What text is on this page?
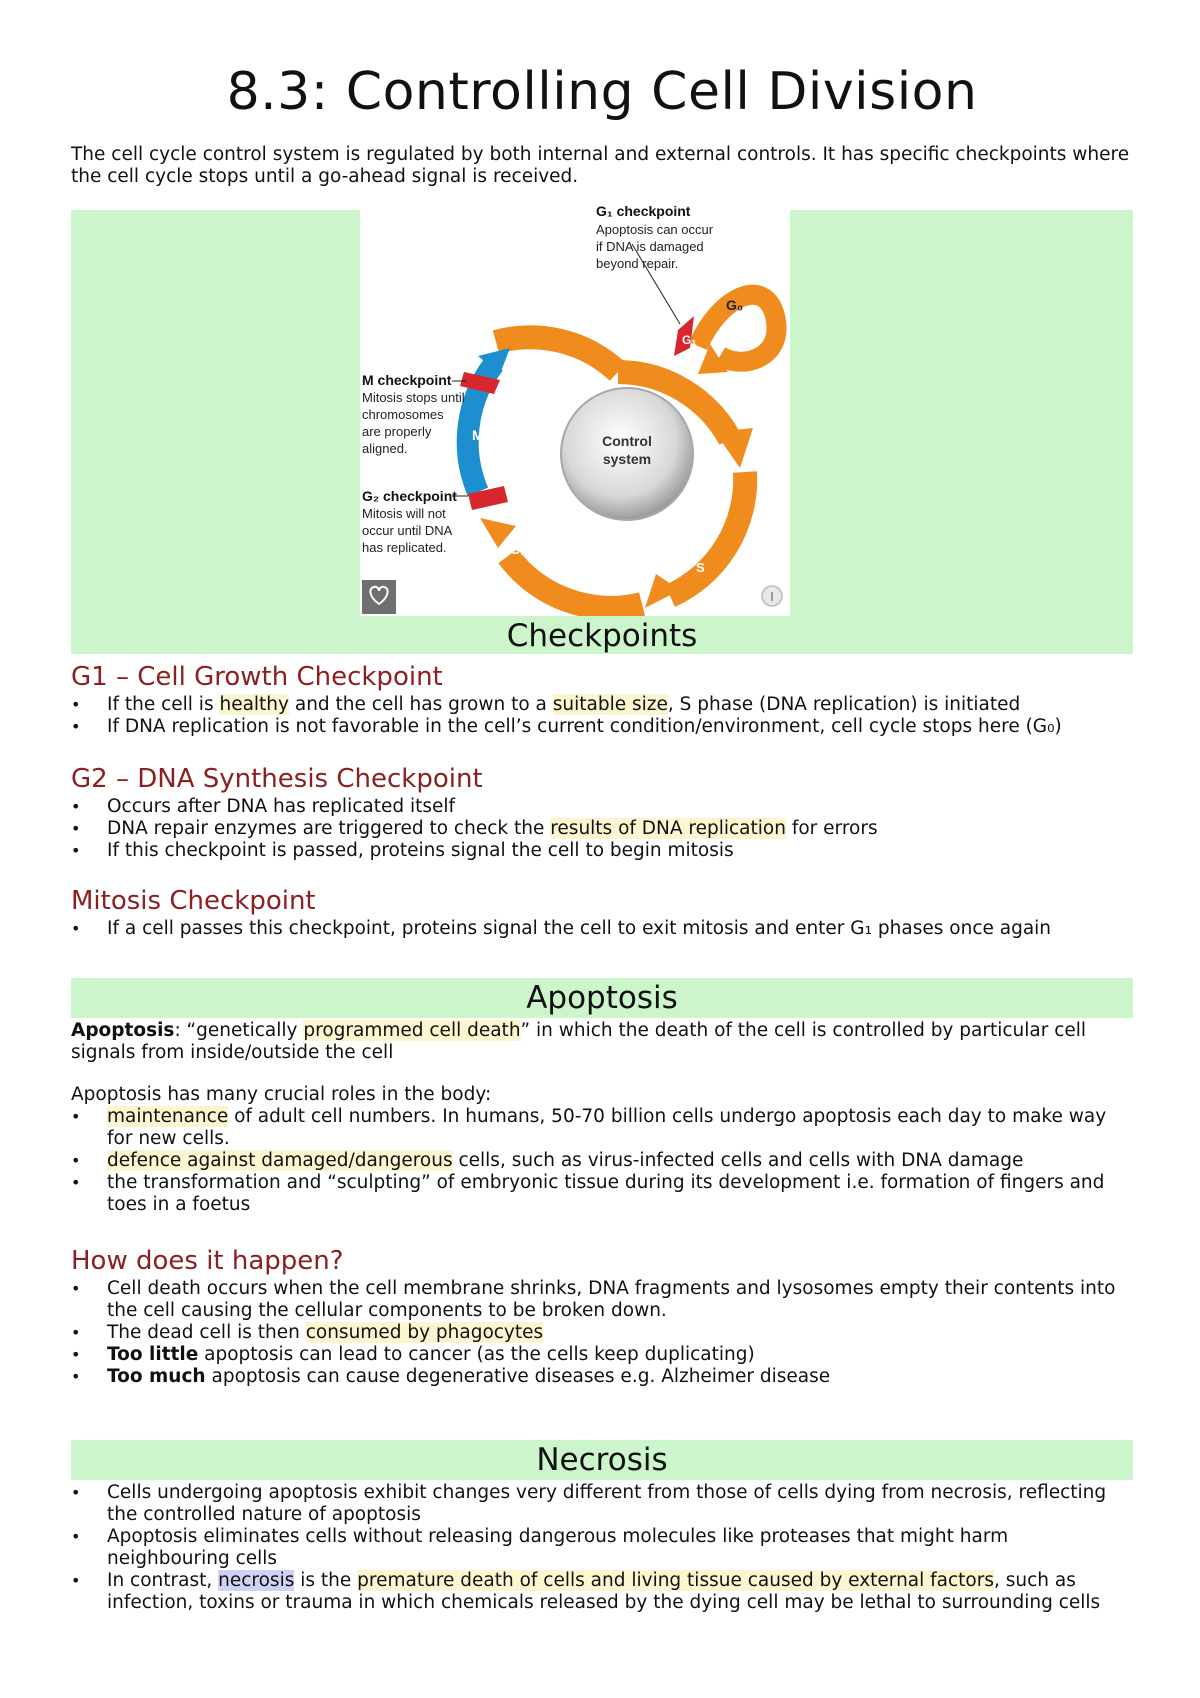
8.3: Controlling Cell Division
The cell cycle control system is regulated by both internal and external controls. It has specific checkpoints where the cell cycle stops until a go-ahead signal is received.
G₁ checkpoint
Apoptosis can occur
if DNA is damaged
beyond repair.
G₀
G₁
M checkpoint
Mitosis stops until
chromosomes
are properly
aligned.
G₂ checkpoint
Mitosis will not
occur until DNA
has replicated.
M
G₂
S
Control
system
Checkpoints
G1 – Cell Growth Checkpoint
• If the cell is healthy and the cell has grown to a suitable size, S phase (DNA replication) is initiated
• If DNA replication is not favorable in the cell’s current condition/environment, cell cycle stops here (G₀)
G2 – DNA Synthesis Checkpoint
• Occurs after DNA has replicated itself
• DNA repair enzymes are triggered to check the results of DNA replication for errors
• If this checkpoint is passed, proteins signal the cell to begin mitosis
Mitosis Checkpoint
• If a cell passes this checkpoint, proteins signal the cell to exit mitosis and enter G₁ phases once again
Apoptosis
Apoptosis: “genetically programmed cell death” in which the death of the cell is controlled by particular cell signals from inside/outside the cell
Apoptosis has many crucial roles in the body:
• maintenance of adult cell numbers. In humans, 50-70 billion cells undergo apoptosis each day to make way for new cells.
• defence against damaged/dangerous cells, such as virus-infected cells and cells with DNA damage
• the transformation and “sculpting” of embryonic tissue during its development i.e. formation of fingers and toes in a foetus
How does it happen?
• Cell death occurs when the cell membrane shrinks, DNA fragments and lysosomes empty their contents into the cell causing the cellular components to be broken down.
• The dead cell is then consumed by phagocytes
• Too little apoptosis can lead to cancer (as the cells keep duplicating)
• Too much apoptosis can cause degenerative diseases e.g. Alzheimer disease
Necrosis
• Cells undergoing apoptosis exhibit changes very different from those of cells dying from necrosis, reflecting the controlled nature of apoptosis
• Apoptosis eliminates cells without releasing dangerous molecules like proteases that might harm neighbouring cells
• In contrast, necrosis is the premature death of cells and living tissue caused by external factors, such as infection, toxins or trauma in which chemicals released by the dying cell may be lethal to surrounding cells
